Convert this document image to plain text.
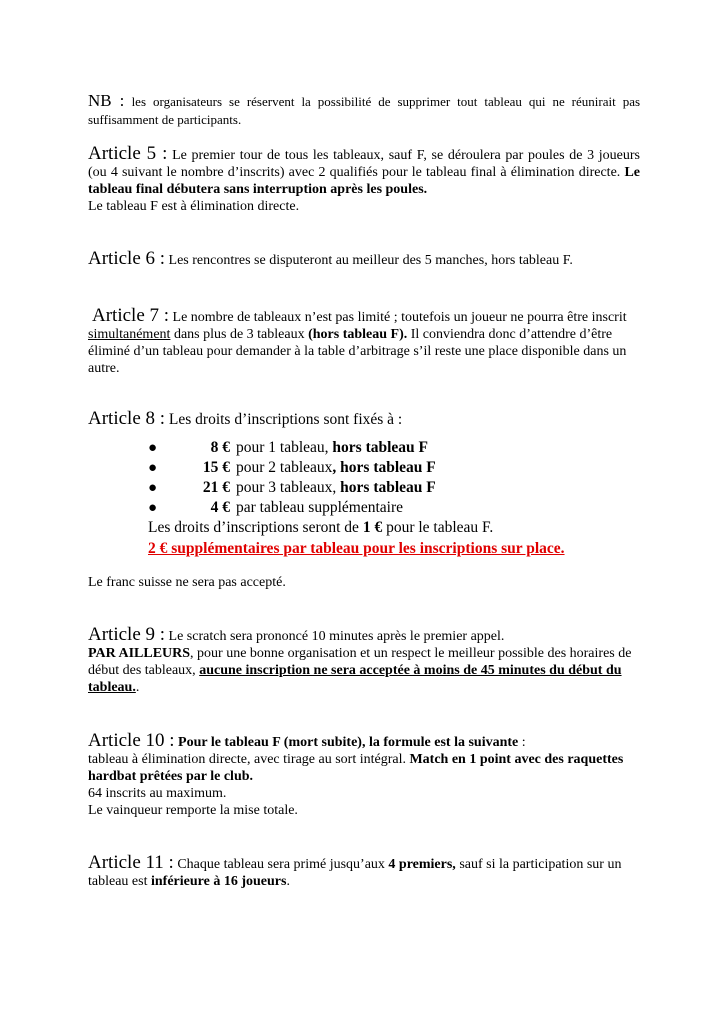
NB : les organisateurs se réservent la possibilité de supprimer tout tableau qui ne réunirait pas suffisamment de participants.
Article 5 : Le premier tour de tous les tableaux, sauf F, se déroulera par poules de 3 joueurs (ou 4 suivant le nombre d’inscrits) avec 2 qualifiés pour le tableau final à élimination directe. Le tableau final débutera sans interruption après les poules.
Le tableau F est à élimination directe.
Article 6 : Les rencontres se disputeront au meilleur des 5 manches, hors tableau F.
Article 7 : Le nombre de tableaux n’est pas limité ; toutefois un joueur ne pourra être inscrit simultanément dans plus de 3 tableaux (hors tableau F). Il conviendra donc d’attendre d’être éliminé d’un tableau pour demander à la table d’arbitrage s’il reste une place disponible dans un autre.
Article 8 : Les droits d’inscriptions sont fixés à :
●	8 € pour 1 tableau, hors tableau F
●	15 € pour 2 tableaux, hors tableau F
●	21 € pour 3 tableaux, hors tableau F
●	4 € par tableau supplémentaire
Les droits d’inscriptions seront de 1 € pour le tableau F.
2 € supplémentaires par tableau pour les inscriptions sur place.
Le franc suisse ne sera pas accepté.
Article 9 : Le scratch sera prononcé 10 minutes après le premier appel.
PAR AILLEURS, pour une bonne organisation et un respect le meilleur possible des horaires de début des tableaux, aucune inscription ne sera acceptée à moins de 45 minutes du début du tableau..
Article 10 : Pour le tableau F (mort subite), la formule est la suivante :
tableau à élimination directe, avec tirage au sort intégral. Match en 1 point avec des raquettes hardbat prêtées par le club.
64 inscrits au maximum.
Le vainqueur remporte la mise totale.
Article 11 : Chaque tableau sera primé jusqu’aux 4 premiers, sauf si la participation sur un tableau est inférieure à 16 joueurs.
